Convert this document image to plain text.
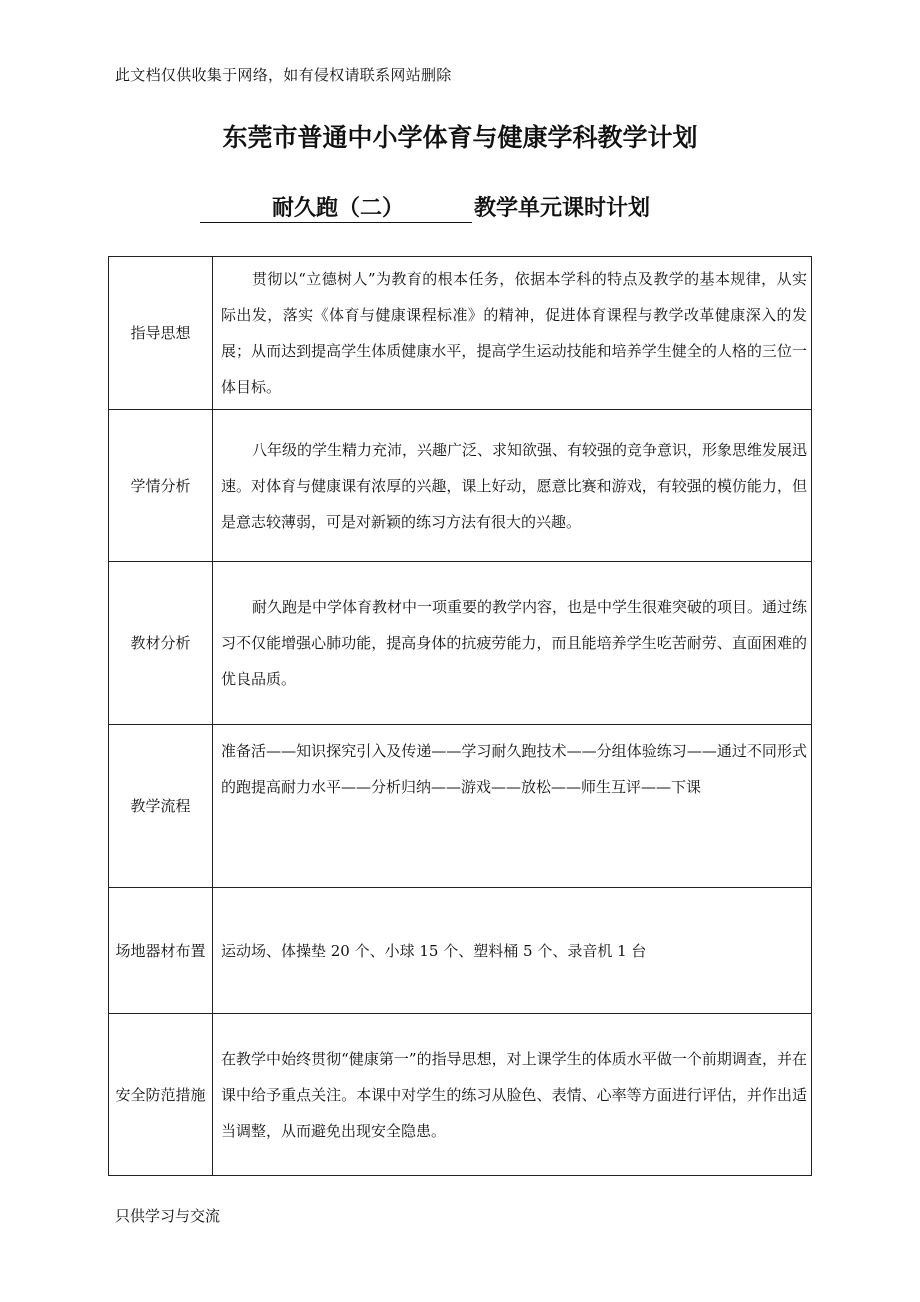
此文档仅供收集于网络，如有侵权请联系网站删除
东莞市普通中小学体育与健康学科教学计划
耐久跑（二）	教学单元课时计划
指导思想	贯彻以“立德树人”为教育的根本任务，依据本学科的特点及教学的基本规律，从实际出发，落实《体育与健康课程标准》的精神，促进体育课程与教学改革健康深入的发展；从而达到提高学生体质健康水平，提高学生运动技能和培养学生健全的人格的三位一体目标。

学情分析	八年级的学生精力充沛，兴趣广泛、求知欲强、有较强的竞争意识，形象思维发展迅速。对体育与健康课有浓厚的兴趣，课上好动，愿意比赛和游戏，有较强的模仿能力，但是意志较薄弱，可是对新颖的练习方法有很大的兴趣。

教材分析	耐久跑是中学体育教材中一项重要的教学内容，也是中学生很难突破的项目。通过练习不仅能增强心肺功能，提高身体的抗疲劳能力，而且能培养学生吃苦耐劳、直面困难的优良品质。

教学流程	准备活——知识探究引入及传递——学习耐久跑技术——分组体验练习——通过不同形式的跑提高耐力水平——分析归纳——游戏——放松——师生互评——下课

场地器材布置	运动场、体操垫 20 个、小球 15 个、塑料桶 5 个、录音机 1 台

安全防范措施	在教学中始终贯彻“健康第一”的指导思想，对上课学生的体质水平做一个前期调查，并在课中给予重点关注。本课中对学生的练习从脸色、表情、心率等方面进行评估，并作出适当调整，从而避免出现安全隐患。
只供学习与交流
